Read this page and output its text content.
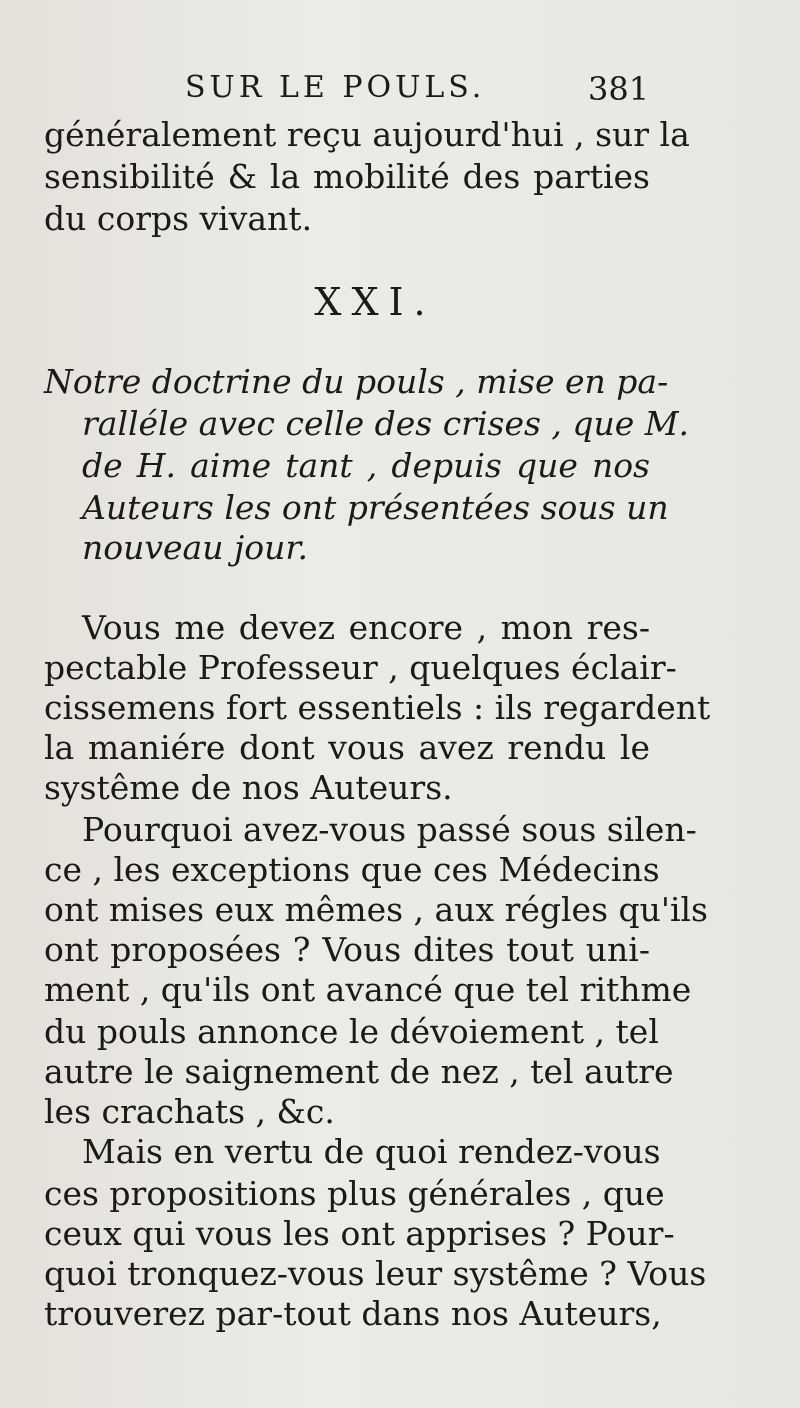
SUR LE POULS.	381
généralement reçu aujourd'hui , sur la
sensibilité & la mobilité des parties
du corps vivant.
XXI.
Notre doctrine du pouls , mise en pa-
ralléle avec celle des crises , que M.
de H. aime tant , depuis que nos
Auteurs les ont présentées sous un
nouveau jour.
Vous me devez encore , mon res-
pectable Professeur , quelques éclair-
cissemens fort essentiels : ils regardent
la maniére dont vous avez rendu le
systême de nos Auteurs.
Pourquoi avez-vous passé sous silen-
ce , les exceptions que ces Médecins
ont mises eux mêmes , aux régles qu'ils
ont proposées ? Vous dites tout uni-
ment , qu'ils ont avancé que tel rithme
du pouls annonce le dévoiement , tel
autre le saignement de nez , tel autre
les crachats , &c.
Mais en vertu de quoi rendez-vous
ces propositions plus générales , que
ceux qui vous les ont apprises ? Pour-
quoi tronquez-vous leur systême ? Vous
trouverez par-tout dans nos Auteurs,
